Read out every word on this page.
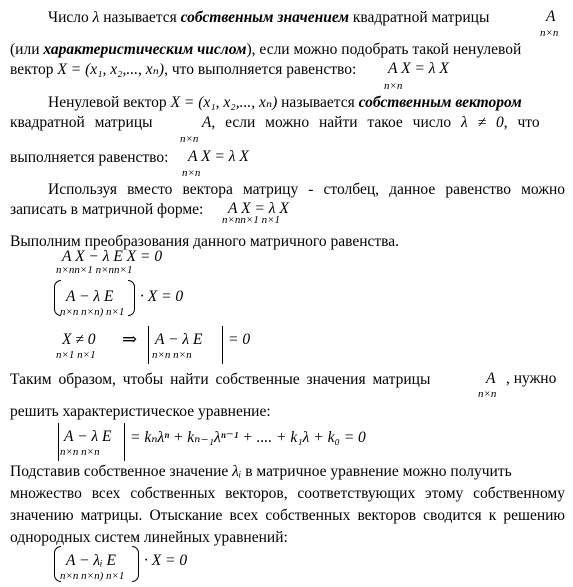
Число λ называется собственным значением квадратной матрицы	A
n×n
(или характеристическим числом), если можно подобрать такой ненулевой
вектор X = (x₁, x₂,..., xₙ), что выполняется равенство:	A X = λ X
n×n
Ненулевой вектор X = (x₁, x₂,..., xₙ) называется собственным вектором
квадратной матрицы	A, если можно найти такое число λ ≠ 0, что
n×n
выполняется равенство:	A X = λ X
n×n
Используя вместо вектора матрицу - столбец, данное равенство можно
записать в матричной форме:	A X = λ X
n×nn×1 n×1
Выполним преобразования данного матричного равенства.
A X − λ E X = 0
n×nn×1 n×nn×1
A − λ E · X = 0
n×n n×n) n×1
X ≠ 0
n×1 n×1
⇒ A − λ E = 0
n×n n×n
Таким образом, чтобы найти собственные значения матрицы	A
n×n
, нужно
решить характеристическое уравнение:
A − λ E = kₙλⁿ + kₙ₋₁λⁿ⁻¹ + .... + k₁λ + k₀ = 0
n×n n×n
Подставив собственное значение λᵢ в матричное уравнение можно получить
множество всех собственных векторов, соответствующих этому собственному
значению матрицы. Отыскание всех собственных векторов сводится к решению
однородных систем линейных уравнений:
A − λᵢ E · X = 0
n×n n×n) n×1
